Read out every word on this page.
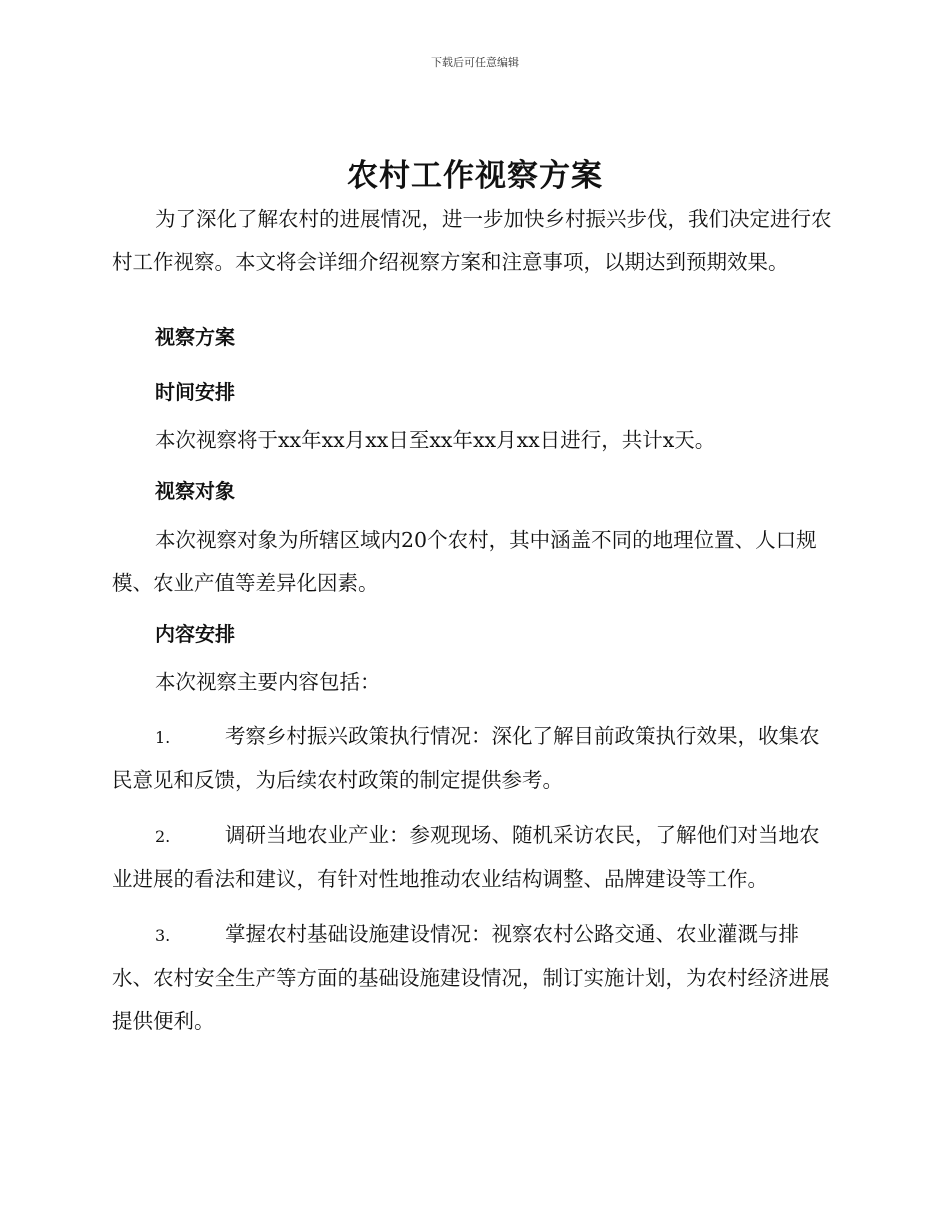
下载后可任意编辑
农村工作视察方案

为了深化了解农村的进展情况，进一步加快乡村振兴步伐，我们决定进行农村工作视察。本文将会详细介绍视察方案和注意事项，以期达到预期效果。

视察方案

时间安排

本次视察将于xx年xx月xx日至xx年xx月xx日进行，共计x天。

视察对象

本次视察对象为所辖区域内20个农村，其中涵盖不同的地理位置、人口规模、农业产值等差异化因素。

内容安排

本次视察主要内容包括：

1.	考察乡村振兴政策执行情况：深化了解目前政策执行效果，收集农民意见和反馈，为后续农村政策的制定提供参考。

2.	调研当地农业产业：参观现场、随机采访农民，了解他们对当地农业进展的看法和建议，有针对性地推动农业结构调整、品牌建设等工作。

3.	掌握农村基础设施建设情况：视察农村公路交通、农业灌溉与排水、农村安全生产等方面的基础设施建设情况，制订实施计划，为农村经济进展提供便利。
